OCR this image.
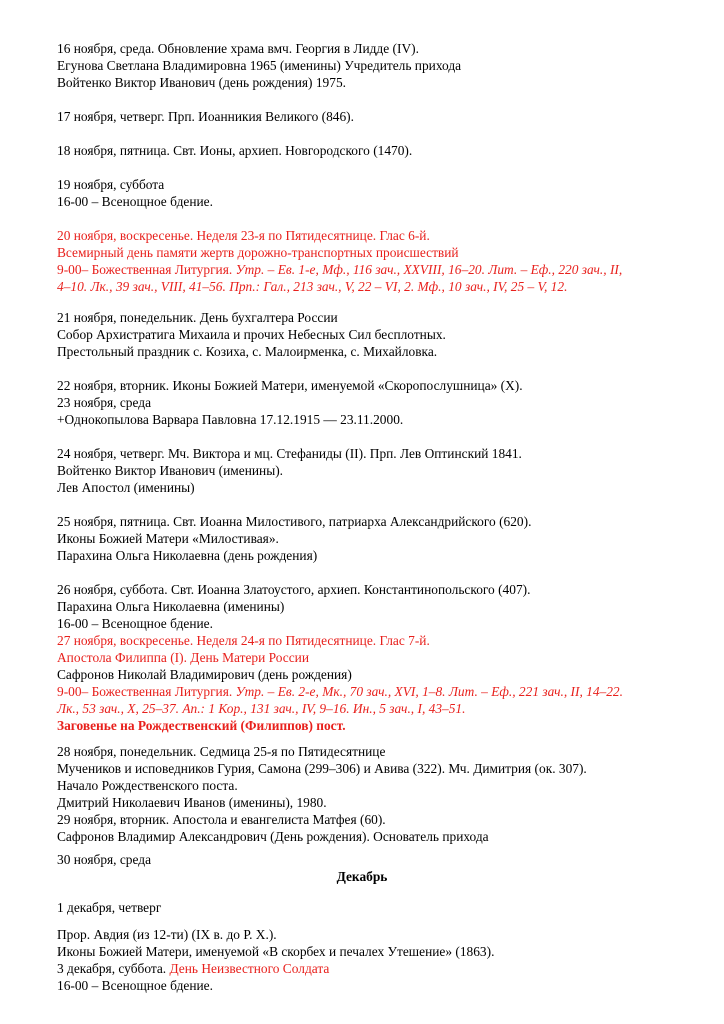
16 ноября, среда. Обновление храма вмч. Георгия в Лидде (IV).
Егунова Светлана Владимировна 1965 (именины) Учредитель прихода
Войтенко Виктор Иванович (день рождения) 1975.
17 ноября, четверг. Прп. Иоанникия Великого (846).
18 ноября, пятница. Свт. Ионы, архиеп. Новгородского (1470).
19 ноября, суббота
16-00 – Всенощное бдение.
20 ноября, воскресенье. Неделя 23-я по Пятидесятнице. Глас 6-й.
Всемирный день памяти жертв дорожно-транспортных происшествий
9-00– Божественная Литургия. Утр. – Ев. 1-е, Мф., 116 зач., XXVIII, 16–20. Лит. – Еф., 220 зач., II,
4–10. Лк., 39 зач., VIII, 41–56. Прп.: Гал., 213 зач., V, 22 – VI, 2. Мф., 10 зач., IV, 25 – V, 12.
21 ноября, понедельник. День бухгалтера России
Собор Архистратига Михаила и прочих Небесных Сил бесплотных.
Престольный праздник с. Козиха, с. Малоирменка, с. Михайловка.
22 ноября, вторник. Иконы Божией Матери, именуемой «Скоропослушница» (X).
23 ноября, среда
+Однокопылова Варвара Павловна 17.12.1915 — 23.11.2000.
24 ноября, четверг. Мч. Виктора и мц. Стефаниды (II). Прп. Лев Оптинский 1841.
Войтенко Виктор Иванович (именины).
Лев Апостол (именины)
25 ноября, пятница. Свт. Иоанна Милостивого, патриарха Александрийского (620).
Иконы Божией Матери «Милостивая».
Парахина Ольга Николаевна (день рождения)
26 ноября, суббота. Свт. Иоанна Златоустого, архиеп. Константинопольского (407).
Парахина Ольга Николаевна (именины)
16-00 – Всенощное бдение.
27 ноября, воскресенье. Неделя 24-я по Пятидесятнице. Глас 7-й.
Апостола Филиппа (I). День Матери России
Сафронов Николай Владимирович (день рождения)
9-00– Божественная Литургия. Утр. – Ев. 2-е, Мк., 70 зач., XVI, 1–8. Лит. – Еф., 221 зач., II, 14–22.
Лк., 53 зач., X, 25–37. Ап.: 1 Кор., 131 зач., IV, 9–16. Ин., 5 зач., I, 43–51.
Заговенье на Рождественский (Филиппов) пост.
28 ноября, понедельник. Седмица 25-я по Пятидесятнице
Мучеников и исповедников Гурия, Самона (299–306) и Авива (322). Мч. Димитрия (ок. 307).
Начало Рождественского поста.
Дмитрий Николаевич Иванов (именины), 1980.
29 ноября, вторник. Апостола и евангелиста Матфея (60).
Сафронов Владимир Александрович (День рождения). Основатель прихода
30 ноября, среда
Декабрь
1 декабря, четверг
Прор. Авдия (из 12-ти) (IX в. до Р. Х.).
Иконы Божией Матери, именуемой «В скорбех и печалех Утешение» (1863).
3 декабря, суббота. День Неизвестного Солдата
16-00 – Всенощное бдение.
